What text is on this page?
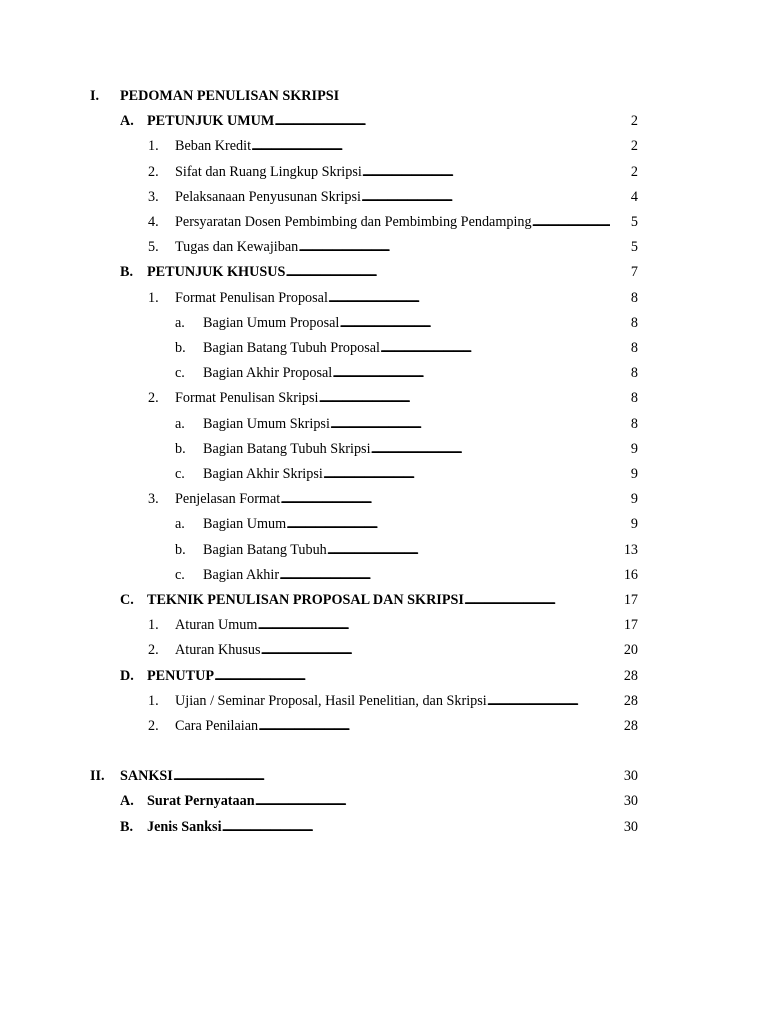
I. PEDOMAN PENULISAN SKRIPSI
A. PETUNJUK UMUM . . .	2
1. Beban Kredit . . .	2
2. Sifat dan Ruang Lingkup Skripsi . . .	2
3. Pelaksanaan Penyusunan Skripsi . . .	4
4. Persyaratan Dosen Pembimbing dan Pembimbing Pendamping . . .	5
5. Tugas dan Kewajiban . . .	5
B. PETUNJUK KHUSUS . . .	7
1. Format Penulisan Proposal . . .	8
a. Bagian Umum Proposal . . .	8
b. Bagian Batang Tubuh Proposal . . .	8
c. Bagian Akhir Proposal . . .	8
2. Format Penulisan Skripsi . . .	8
a. Bagian Umum Skripsi . . .	8
b. Bagian Batang Tubuh Skripsi . . .	9
c. Bagian Akhir Skripsi . . .	9
3. Penjelasan Format . . .	9
a. Bagian Umum . . .	9
b. Bagian Batang Tubuh . . .	13
c. Bagian Akhir . . .	16
C. TEKNIK PENULISAN PROPOSAL DAN SKRIPSI . . .	17
1. Aturan Umum . . .	17
2. Aturan Khusus . . .	20
D. PENUTUP . . .	28
1. Ujian / Seminar Proposal, Hasil Penelitian, dan Skripsi . . .	28
2. Cara Penilaian . . .	28
II. SANKSI . . .	30
A. Surat Pernyataan . . .	30
B. Jenis Sanksi . . .	30
